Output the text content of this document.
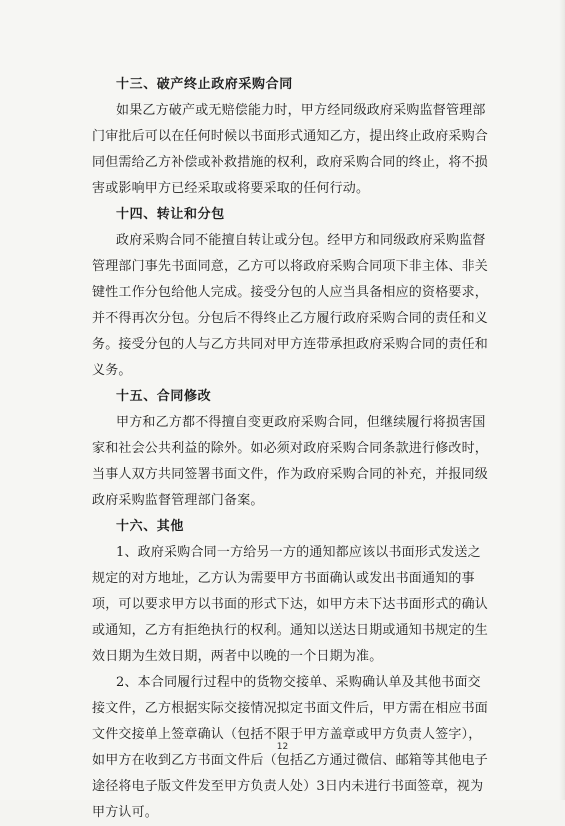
十三、破产终止政府采购合同
如果乙方破产或无赔偿能力时，甲方经同级政府采购监督管理部
门审批后可以在任何时候以书面形式通知乙方，提出终止政府采购合
同但需给乙方补偿或补救措施的权利，政府采购合同的终止，将不损
害或影响甲方已经采取或将要采取的任何行动。
十四、转让和分包
政府采购合同不能擅自转让或分包。经甲方和同级政府采购监督
管理部门事先书面同意，乙方可以将政府采购合同项下非主体、非关
键性工作分包给他人完成。接受分包的人应当具备相应的资格要求，
并不得再次分包。分包后不得终止乙方履行政府采购合同的责任和义
务。接受分包的人与乙方共同对甲方连带承担政府采购合同的责任和
义务。
十五、合同修改
甲方和乙方都不得擅自变更政府采购合同，但继续履行将损害国
家和社会公共利益的除外。如必须对政府采购合同条款进行修改时，
当事人双方共同签署书面文件，作为政府采购合同的补充，并报同级
政府采购监督管理部门备案。
十六、其他
1、政府采购合同一方给另一方的通知都应该以书面形式发送之
规定的对方地址，乙方认为需要甲方书面确认或发出书面通知的事
项，可以要求甲方以书面的形式下达，如甲方未下达书面形式的确认
或通知，乙方有拒绝执行的权利。通知以送达日期或通知书规定的生
效日期为生效日期，两者中以晚的一个日期为准。
2、本合同履行过程中的货物交接单、采购确认单及其他书面交
接文件，乙方根据实际交接情况拟定书面文件后，甲方需在相应书面
文件交接单上签章确认（包括不限于甲方盖章或甲方负责人签字），
如甲方在收到乙方书面文件后（包括乙方通过微信、邮箱等其他电子
途径将电子版文件发至甲方负责人处）3日内未进行书面签章，视为
甲方认可。
12
